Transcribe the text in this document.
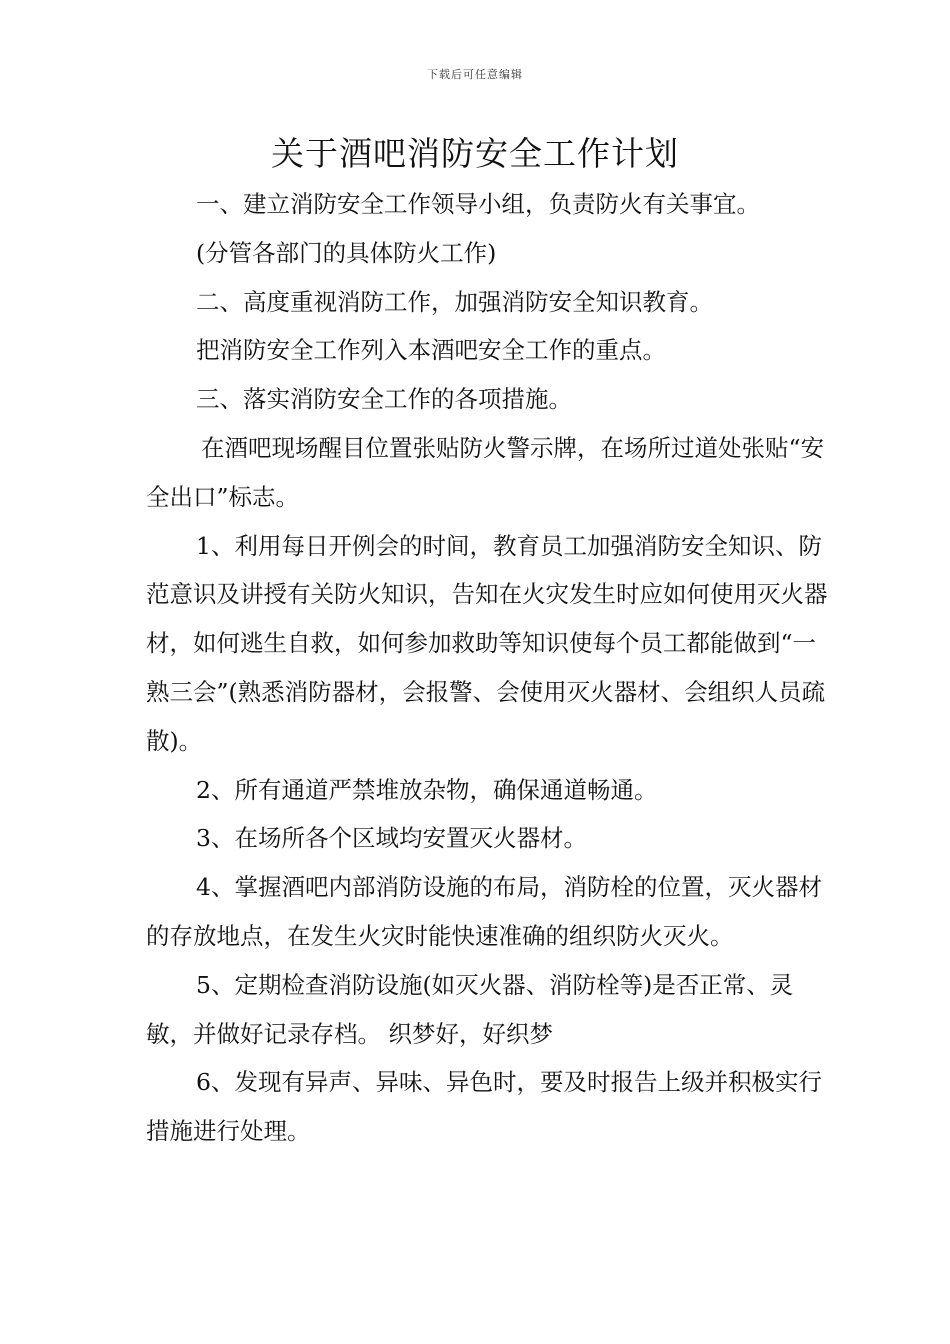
下载后可任意编辑
关于酒吧消防安全工作计划

一、建立消防安全工作领导小组，负责防火有关事宜。

(分管各部门的具体防火工作)

二、高度重视消防工作，加强消防安全知识教育。

把消防安全工作列入本酒吧安全工作的重点。

三、落实消防安全工作的各项措施。

在酒吧现场醒目位置张贴防火警示牌，在场所过道处张贴“安全出口”标志。

1、利用每日开例会的时间，教育员工加强消防安全知识、防范意识及讲授有关防火知识，告知在火灾发生时应如何使用灭火器材，如何逃生自救，如何参加救助等知识使每个员工都能做到“一熟三会”(熟悉消防器材，会报警、会使用灭火器材、会组织人员疏散)。

2、所有通道严禁堆放杂物，确保通道畅通。

3、在场所各个区域均安置灭火器材。

4、掌握酒吧内部消防设施的布局，消防栓的位置，灭火器材的存放地点，在发生火灾时能快速准确的组织防火灭火。

5、定期检查消防设施(如灭火器、消防栓等)是否正常、灵敏，并做好记录存档。 织梦好，好织梦

6、发现有异声、异味、异色时，要及时报告上级并积极实行措施进行处理。
